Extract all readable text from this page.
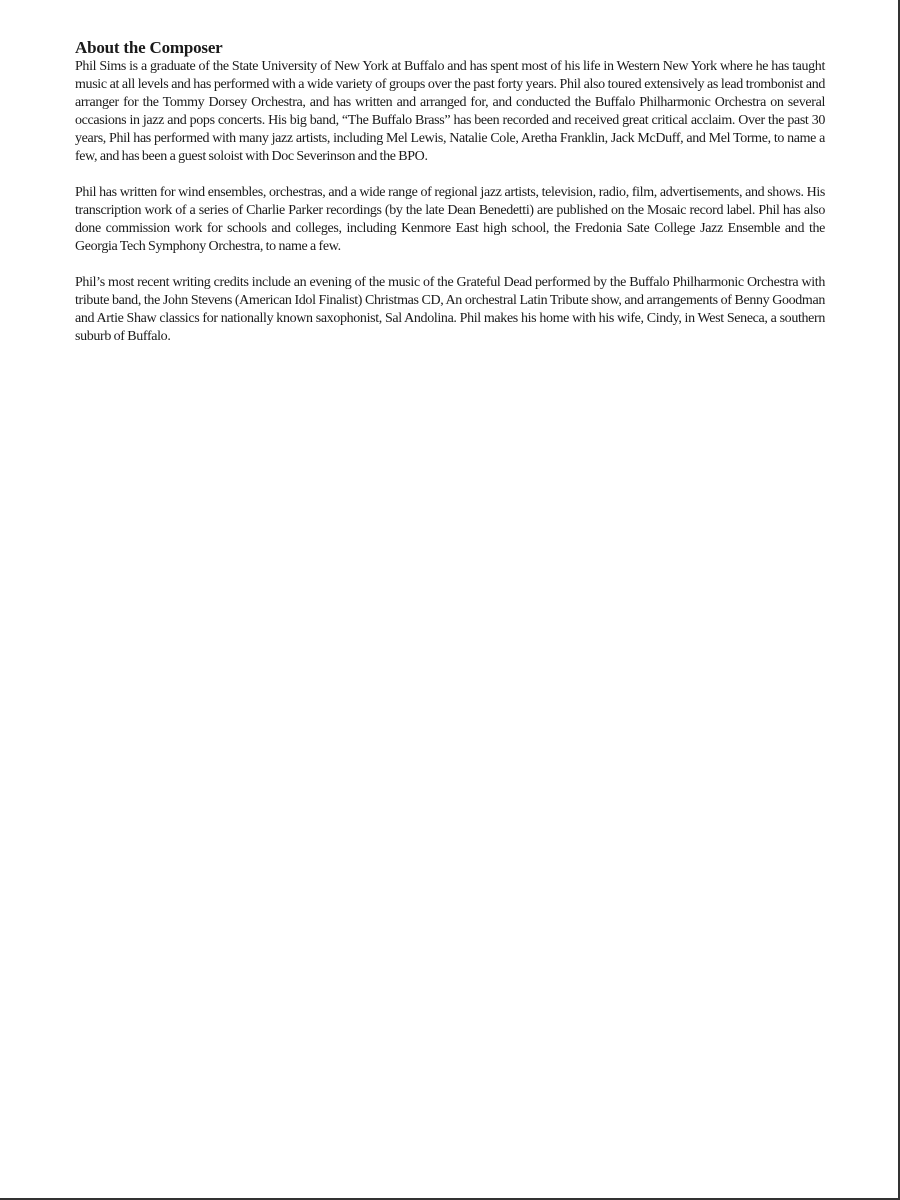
About the Composer

Phil Sims is a graduate of the State University of New York at Buffalo and has spent most of his life in Western New York where he has taught music at all levels and has performed with a wide variety of groups over the past forty years. Phil also toured extensively as lead trombonist and arranger for the Tommy Dorsey Orchestra, and has written and arranged for, and conducted the Buffalo Philharmonic Orchestra on several occasions in jazz and pops concerts. His big band, “The Buffalo Brass” has been recorded and received great critical acclaim. Over the past 30 years, Phil has performed with many jazz artists, including Mel Lewis, Natalie Cole, Aretha Franklin, Jack McDuff, and Mel Torme, to name a few, and has been a guest soloist with Doc Severinson and the BPO.

Phil has written for wind ensembles, orchestras, and a wide range of regional jazz artists, television, radio, film, advertisements, and shows. His transcription work of a series of Charlie Parker recordings (by the late Dean Benedetti) are published on the Mosaic record label. Phil has also done commission work for schools and colleges, including Kenmore East high school, the Fredonia Sate College Jazz Ensemble and the Georgia Tech Symphony Orchestra, to name a few.

Phil’s most recent writing credits include an evening of the music of the Grateful Dead performed by the Buffalo Philharmonic Orchestra with tribute band, the John Stevens (American Idol Finalist) Christmas CD, An orchestral Latin Tribute show, and arrangements of Benny Goodman and Artie Shaw classics for nationally known saxophonist, Sal Andolina. Phil makes his home with his wife, Cindy, in West Seneca, a southern suburb of Buffalo.
